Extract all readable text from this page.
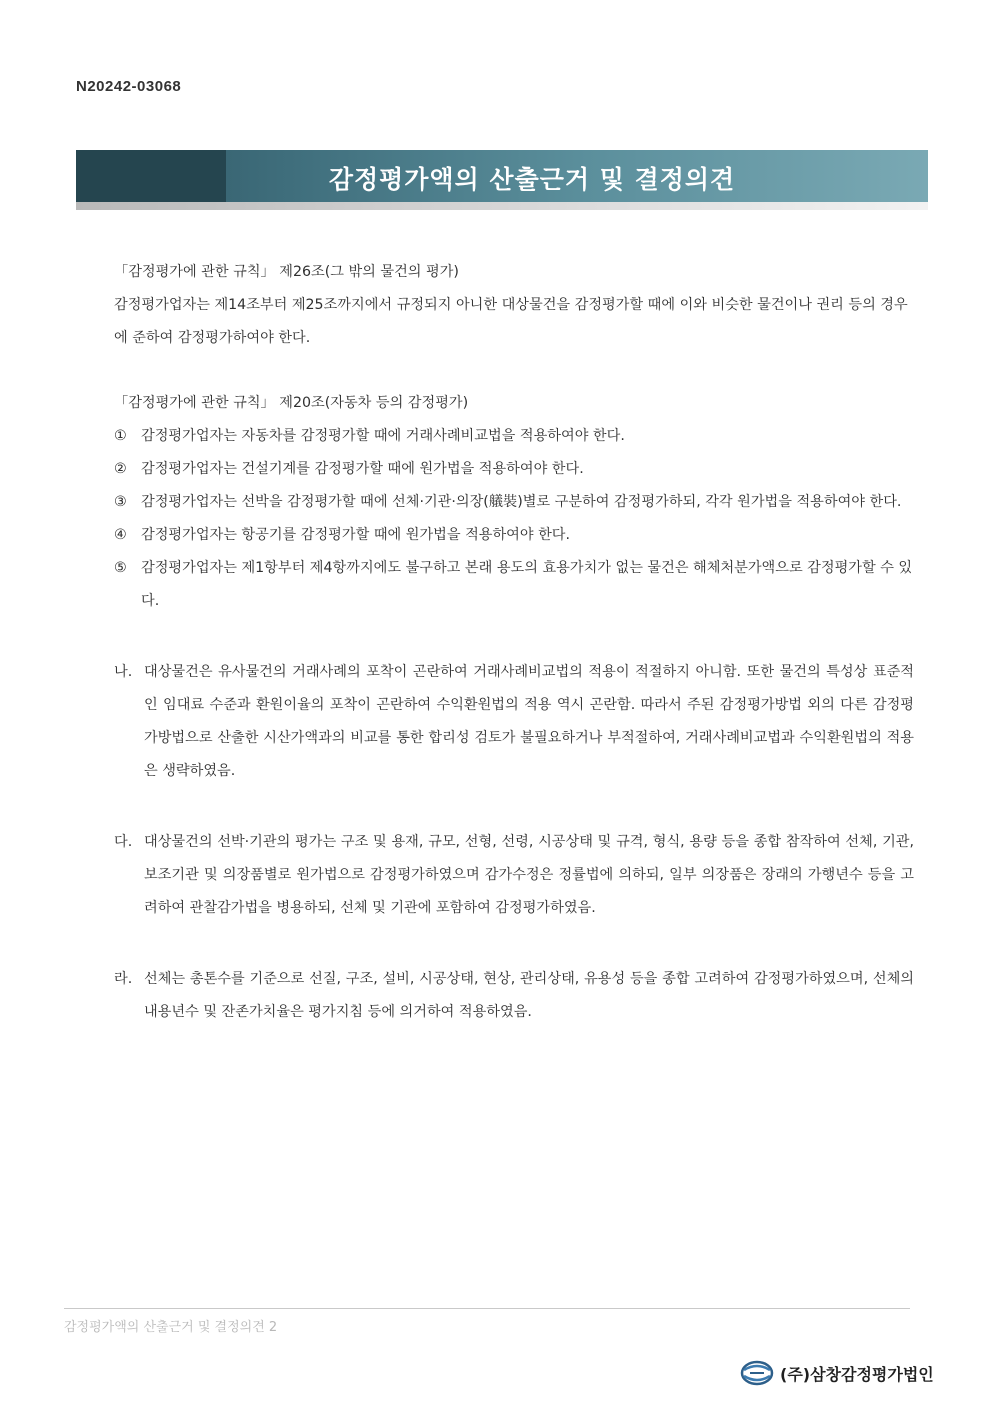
N20242-03068
감정평가액의 산출근거 및 결정의견

「감정평가에 관한 규칙」 제26조(그 밖의 물건의 평가)

감정평가업자는 제14조부터 제25조까지에서 규정되지 아니한 대상물건을 감정평가할 때에 이와 비슷한 물건이나 권리 등의 경우에 준하여 감정평가하여야 한다.

「감정평가에 관한 규칙」 제20조(자동차 등의 감정평가)

①	감정평가업자는 자동차를 감정평가할 때에 거래사례비교법을 적용하여야 한다.
②	감정평가업자는 건설기계를 감정평가할 때에 원가법을 적용하여야 한다.
③	감정평가업자는 선박을 감정평가할 때에 선체·기관·의장(艤裝)별로 구분하여 감정평가하되, 각각 원가법을 적용하여야 한다.
④	감정평가업자는 항공기를 감정평가할 때에 원가법을 적용하여야 한다.
⑤	감정평가업자는 제1항부터 제4항까지에도 불구하고 본래 용도의 효용가치가 없는 물건은 해체처분가액으로 감정평가할 수 있다.
나. 대상물건은 유사물건의 거래사례의 포착이 곤란하여 거래사례비교법의 적용이 적절하지 아니함. 또한 물건의 특성상 표준적인 임대료 수준과 환원이율의 포착이 곤란하여 수익환원법의 적용 역시 곤란함. 따라서 주된 감정평가방법 외의 다른 감정평가방법으로 산출한 시산가액과의 비교를 통한 합리성 검토가 불필요하거나 부적절하여, 거래사례비교법과 수익환원법의 적용은 생략하였음.
다. 대상물건의 선박·기관의 평가는 구조 및 용재, 규모, 선형, 선령, 시공상태 및 규격, 형식, 용량 등을 종합 참작하여 선체, 기관, 보조기관 및 의장품별로 원가법으로 감정평가하였으며 감가수정은 정률법에 의하되, 일부 의장품은 장래의 가행년수 등을 고려하여 관찰감가법을 병용하되, 선체 및 기관에 포함하여 감정평가하였음.
라. 선체는 총톤수를 기준으로 선질, 구조, 설비, 시공상태, 현상, 관리상태, 유용성 등을 종합 고려하여 감정평가하였으며, 선체의 내용년수 및 잔존가치율은 평가지침 등에 의거하여 적용하였음.
감정평가액의 산출근거 및 결정의견 2
(주)삼창감정평가법인
